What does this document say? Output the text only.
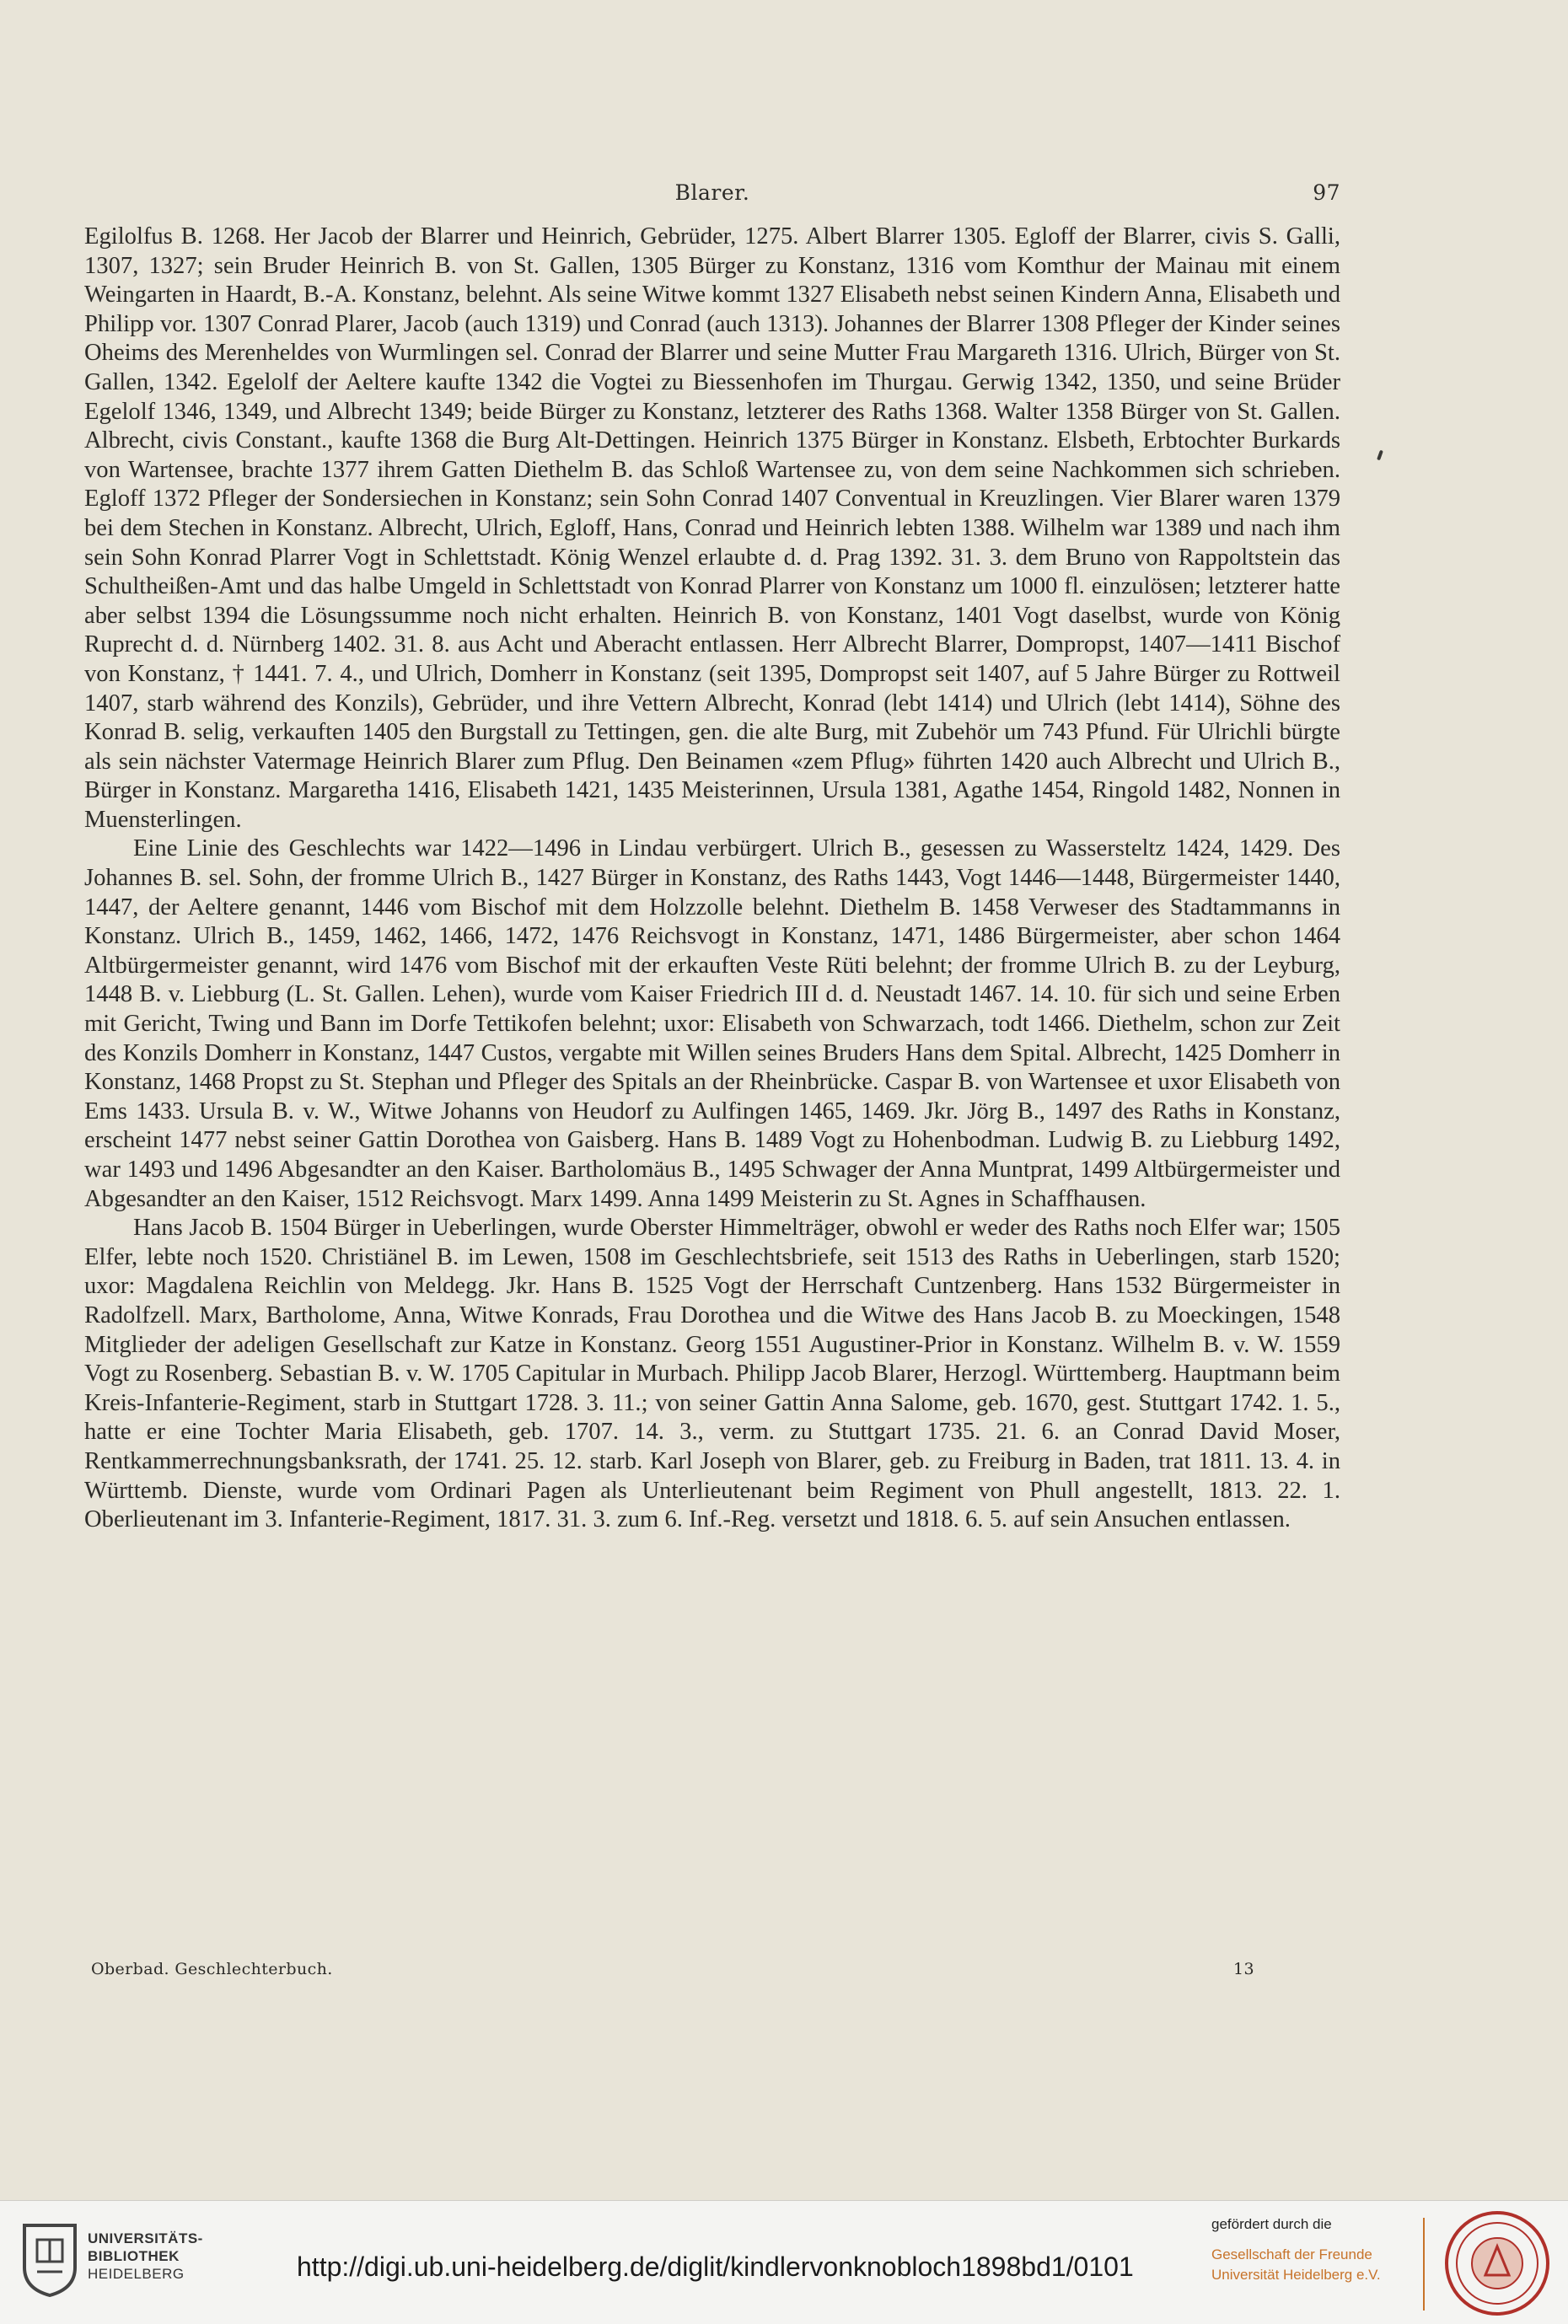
Blarer.	97

Egilolfus B. 1268. Her Jacob der Blarrer und Heinrich, Gebrüder, 1275. Albert Blarrer 1305. Egloff der Blarrer, civis S. Galli, 1307, 1327; sein Bruder Heinrich B. von St. Gallen, 1305 Bürger zu Konstanz, 1316 vom Komthur der Mainau mit einem Weingarten in Haardt, B.-A. Konstanz, belehnt. Als seine Witwe kommt 1327 Elisabeth nebst seinen Kindern Anna, Elisabeth und Philipp vor. 1307 Conrad Plarer, Jacob (auch 1319) und Conrad (auch 1313). Johannes der Blarrer 1308 Pfleger der Kinder seines Oheims des Merenheldes von Wurmlingen sel. Conrad der Blarrer und seine Mutter Frau Margareth 1316. Ulrich, Bürger von St. Gallen, 1342. Egelolf der Aeltere kaufte 1342 die Vogtei zu Biessenhofen im Thurgau. Gerwig 1342, 1350, und seine Brüder Egelolf 1346, 1349, und Albrecht 1349; beide Bürger zu Konstanz, letzterer des Raths 1368. Walter 1358 Bürger von St. Gallen. Albrecht, civis Constant., kaufte 1368 die Burg Alt-Dettingen. Heinrich 1375 Bürger in Konstanz. Elsbeth, Erbtochter Burkards von Wartensee, brachte 1377 ihrem Gatten Diethelm B. das Schloß Wartensee zu, von dem seine Nachkommen sich schrieben. Egloff 1372 Pfleger der Sondersiechen in Konstanz; sein Sohn Conrad 1407 Conventual in Kreuzlingen. Vier Blarer waren 1379 bei dem Stechen in Konstanz. Albrecht, Ulrich, Egloff, Hans, Conrad und Heinrich lebten 1388. Wilhelm war 1389 und nach ihm sein Sohn Konrad Plarrer Vogt in Schlettstadt. König Wenzel erlaubte d. d. Prag 1392. 31. 3. dem Bruno von Rappoltstein das Schultheißen-Amt und das halbe Umgeld in Schlettstadt von Konrad Plarrer von Konstanz um 1000 fl. einzulösen; letzterer hatte aber selbst 1394 die Lösungssumme noch nicht erhalten. Heinrich B. von Konstanz, 1401 Vogt daselbst, wurde von König Ruprecht d. d. Nürnberg 1402. 31. 8. aus Acht und Aberacht entlassen. Herr Albrecht Blarrer, Dompropst, 1407—1411 Bischof von Konstanz, † 1441. 7. 4., und Ulrich, Domherr in Konstanz (seit 1395, Dompropst seit 1407, auf 5 Jahre Bürger zu Rottweil 1407, starb während des Konzils), Gebrüder, und ihre Vettern Albrecht, Konrad (lebt 1414) und Ulrich (lebt 1414), Söhne des Konrad B. selig, verkauften 1405 den Burgstall zu Tettingen, gen. die alte Burg, mit Zubehör um 743 Pfund. Für Ulrichli bürgte als sein nächster Vatermage Heinrich Blarer zum Pflug. Den Beinamen «zem Pflug» führten 1420 auch Albrecht und Ulrich B., Bürger in Konstanz. Margaretha 1416, Elisabeth 1421, 1435 Meisterinnen, Ursula 1381, Agathe 1454, Ringold 1482, Nonnen in Muensterlingen.

Eine Linie des Geschlechts war 1422—1496 in Lindau verbürgert. Ulrich B., gesessen zu Wassersteltz 1424, 1429. Des Johannes B. sel. Sohn, der fromme Ulrich B., 1427 Bürger in Konstanz, des Raths 1443, Vogt 1446—1448, Bürgermeister 1440, 1447, der Aeltere genannt, 1446 vom Bischof mit dem Holzzolle belehnt. Diethelm B. 1458 Verweser des Stadtammanns in Konstanz. Ulrich B., 1459, 1462, 1466, 1472, 1476 Reichsvogt in Konstanz, 1471, 1486 Bürgermeister, aber schon 1464 Altbürgermeister genannt, wird 1476 vom Bischof mit der erkauften Veste Rüti belehnt; der fromme Ulrich B. zu der Leyburg, 1448 B. v. Liebburg (L. St. Gallen. Lehen), wurde vom Kaiser Friedrich III d. d. Neustadt 1467. 14. 10. für sich und seine Erben mit Gericht, Twing und Bann im Dorfe Tettikofen belehnt; uxor: Elisabeth von Schwarzach, todt 1466. Diethelm, schon zur Zeit des Konzils Domherr in Konstanz, 1447 Custos, vergabte mit Willen seines Bruders Hans dem Spital. Albrecht, 1425 Domherr in Konstanz, 1468 Propst zu St. Stephan und Pfleger des Spitals an der Rheinbrücke. Caspar B. von Wartensee et uxor Elisabeth von Ems 1433. Ursula B. v. W., Witwe Johanns von Heudorf zu Aulfingen 1465, 1469. Jkr. Jörg B., 1497 des Raths in Konstanz, erscheint 1477 nebst seiner Gattin Dorothea von Gaisberg. Hans B. 1489 Vogt zu Hohenbodman. Ludwig B. zu Liebburg 1492, war 1493 und 1496 Abgesandter an den Kaiser. Bartholomäus B., 1495 Schwager der Anna Muntprat, 1499 Altbürgermeister und Abgesandter an den Kaiser, 1512 Reichsvogt. Marx 1499. Anna 1499 Meisterin zu St. Agnes in Schaffhausen.

Hans Jacob B. 1504 Bürger in Ueberlingen, wurde Oberster Himmelträger, obwohl er weder des Raths noch Elfer war; 1505 Elfer, lebte noch 1520. Christiänel B. im Lewen, 1508 im Geschlechtsbriefe, seit 1513 des Raths in Ueberlingen, starb 1520; uxor: Magdalena Reichlin von Meldegg. Jkr. Hans B. 1525 Vogt der Herrschaft Cuntzenberg. Hans 1532 Bürgermeister in Radolfzell. Marx, Bartholome, Anna, Witwe Konrads, Frau Dorothea und die Witwe des Hans Jacob B. zu Moeckingen, 1548 Mitglieder der adeligen Gesellschaft zur Katze in Konstanz. Georg 1551 Augustiner-Prior in Konstanz. Wilhelm B. v. W. 1559 Vogt zu Rosenberg. Sebastian B. v. W. 1705 Capitular in Murbach. Philipp Jacob Blarer, Herzogl. Württemberg. Hauptmann beim Kreis-Infanterie-Regiment, starb in Stuttgart 1728. 3. 11.; von seiner Gattin Anna Salome, geb. 1670, gest. Stuttgart 1742. 1. 5., hatte er eine Tochter Maria Elisabeth, geb. 1707. 14. 3., verm. zu Stuttgart 1735. 21. 6. an Conrad David Moser, Rentkammerrechnungsbanksrath, der 1741. 25. 12. starb. Karl Joseph von Blarer, geb. zu Freiburg in Baden, trat 1811. 13. 4. in Württemb. Dienste, wurde vom Ordinari Pagen als Unterlieutenant beim Regiment von Phull angestellt, 1813. 22. 1. Oberlieutenant im 3. Infanterie-Regiment, 1817. 31. 3. zum 6. Inf.-Reg. versetzt und 1818. 6. 5. auf sein Ansuchen entlassen.

Oberbad. Geschlechterbuch.	13
UNIVERSITÄTS-
BIBLIOTHEK
HEIDELBERG	http://digi.ub.uni-heidelberg.de/diglit/kindlervonknobloch1898bd1/0101
gefördert durch die
Gesellschaft der Freunde
Universität Heidelberg e.V.
